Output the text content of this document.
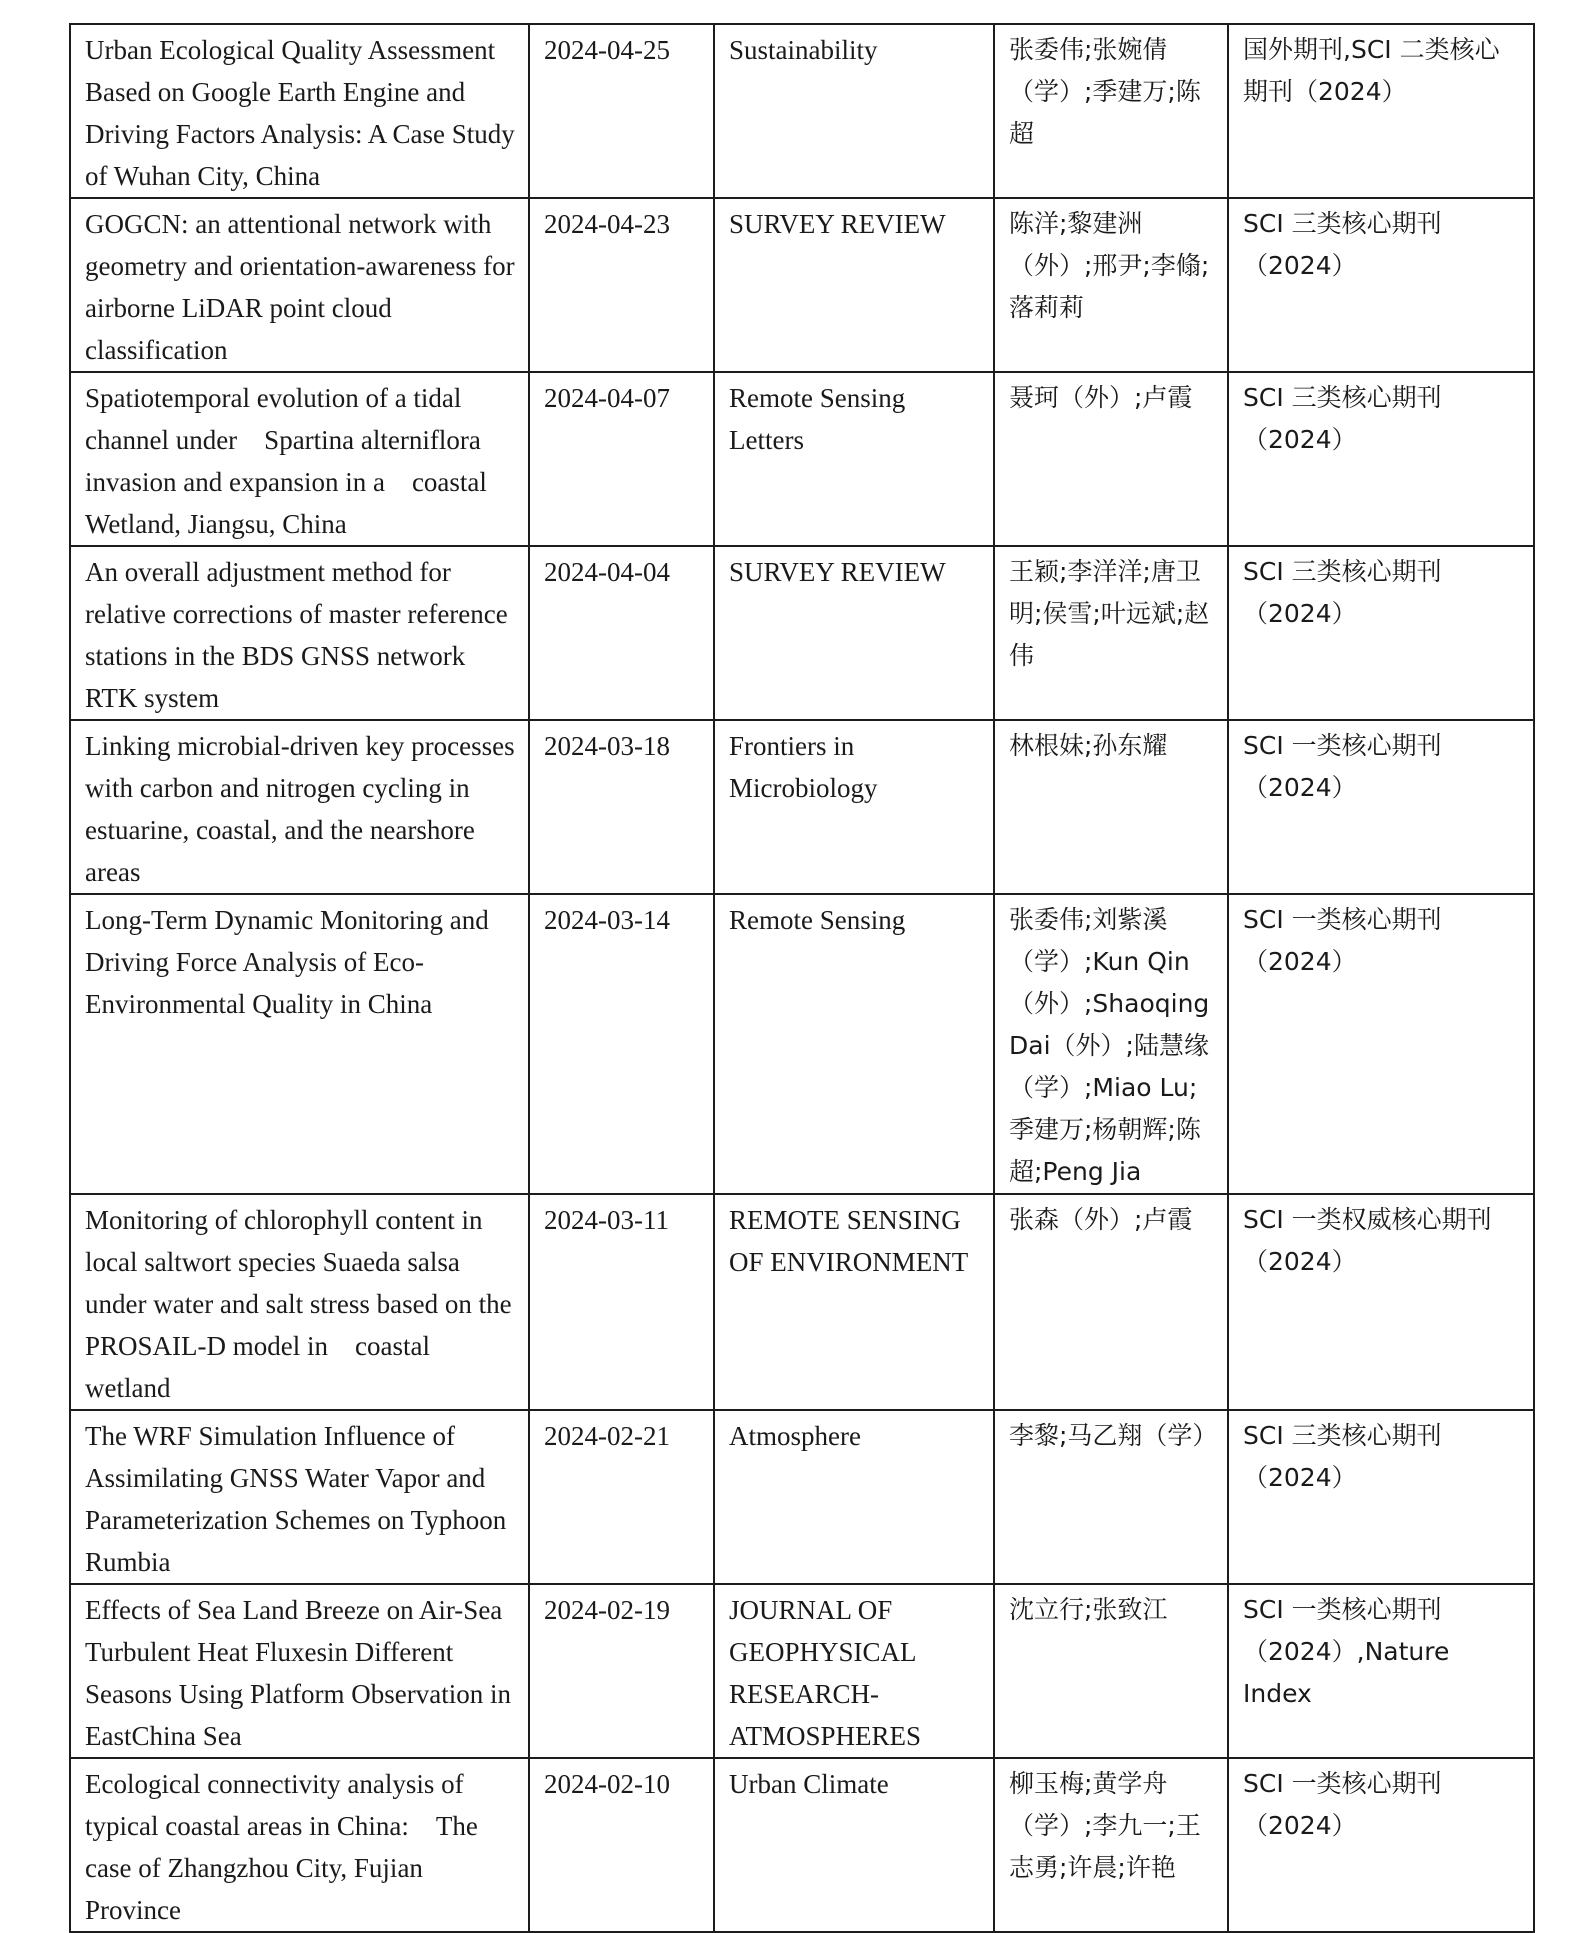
Urban Ecological Quality Assessment Based on Google Earth Engine and Driving Factors Analysis: A Case Study of Wuhan City, China	2024-04-25	Sustainability	张委伟;张婉倩（学）;季建万;陈超	国外期刊,SCI 二类核心期刊（2024）
GOGCN: an attentional network with geometry and orientation-awareness for airborne LiDAR point cloud classification	2024-04-23	SURVEY REVIEW	陈洋;黎建洲（外）;邢尹;李翛;落莉莉	SCI 三类核心期刊（2024）
Spatiotemporal evolution of a tidal channel under　Spartina alterniflora invasion and expansion in a　coastal Wetland, Jiangsu, China	2024-04-07	Remote Sensing Letters	聂珂（外）;卢霞	SCI 三类核心期刊（2024）
An overall adjustment method for relative corrections of master reference stations in the BDS GNSS network RTK system	2024-04-04	SURVEY REVIEW	王颖;李洋洋;唐卫明;侯雪;叶远斌;赵伟	SCI 三类核心期刊（2024）
Linking microbial-driven key processes with carbon and nitrogen cycling in estuarine, coastal, and the nearshore areas	2024-03-18	Frontiers in Microbiology	林根妹;孙东耀	SCI 一类核心期刊（2024）
Long-Term Dynamic Monitoring and Driving Force Analysis of Eco-Environmental Quality in China	2024-03-14	Remote Sensing	张委伟;刘紫溪（学）;Kun Qin（外）;Shaoqing Dai（外）;陆慧缘（学）;Miao Lu;季建万;杨朝辉;陈超;Peng Jia	SCI 一类核心期刊（2024）
Monitoring of chlorophyll content in local saltwort species Suaeda salsa under water and salt stress based on the PROSAIL-D model in　coastal wetland	2024-03-11	REMOTE SENSING OF ENVIRONMENT	张森（外）;卢霞	SCI 一类权威核心期刊（2024）
The WRF Simulation Influence of Assimilating GNSS Water Vapor and Parameterization Schemes on Typhoon Rumbia	2024-02-21	Atmosphere	李黎;马乙翔（学）	SCI 三类核心期刊（2024）
Effects of Sea Land Breeze on Air-Sea Turbulent Heat Fluxesin Different Seasons Using Platform Observation in EastChina Sea	2024-02-19	JOURNAL OF GEOPHYSICAL RESEARCH-ATMOSPHERES	沈立行;张致江	SCI 一类核心期刊（2024）,Nature Index
Ecological connectivity analysis of typical coastal areas in China:　The case of Zhangzhou City, Fujian Province	2024-02-10	Urban Climate	柳玉梅;黄学舟（学）;李九一;王志勇;许晨;许艳	SCI 一类核心期刊（2024）
